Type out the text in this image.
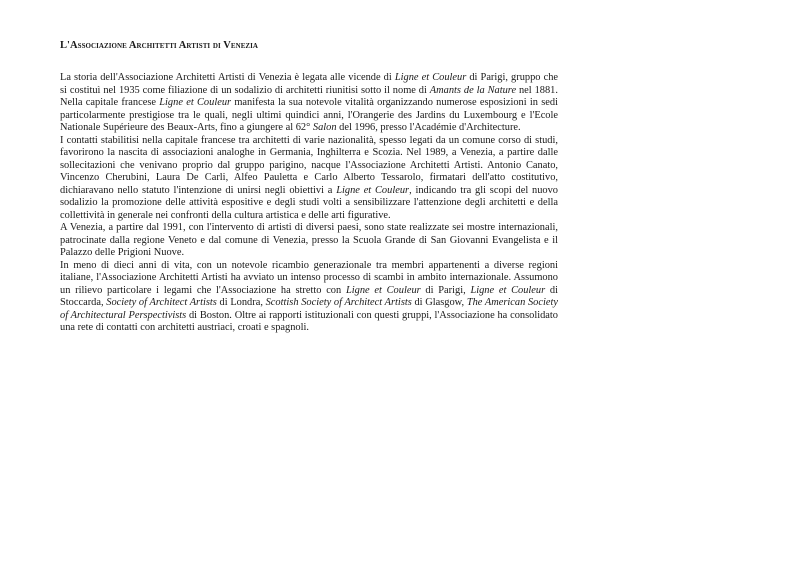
L'Associazione Architetti Artisti di Venezia

La storia dell'Associazione Architetti Artisti di Venezia è legata alle vicende di Ligne et Couleur di Parigi, gruppo che si costituì nel 1935 come filiazione di un sodalizio di architetti riunitisi sotto il nome di Amants de la Nature nel 1881. Nella capitale francese Ligne et Couleur manifesta la sua notevole vitalità organizzando numerose esposizioni in sedi particolarmente prestigiose tra le quali, negli ultimi quindici anni, l'Orangerie des Jardins du Luxembourg e l'Ecole Nationale Supérieure des Beaux-Arts, fino a giungere al 62° Salon del 1996, presso l'Académie d'Architecture.

I contatti stabilitisi nella capitale francese tra architetti di varie nazionalità, spesso legati da un comune corso di studi, favorirono la nascita di associazioni analoghe in Germania, Inghilterra e Scozia. Nel 1989, a Venezia, a partire dalle sollecitazioni che venivano proprio dal gruppo parigino, nacque l'Associazione Architetti Artisti. Antonio Canato, Vincenzo Cherubini, Laura De Carli, Alfeo Pauletta e Carlo Alberto Tessarolo, firmatari dell'atto costitutivo, dichiaravano nello statuto l'intenzione di unirsi negli obiettivi a Ligne et Couleur, indicando tra gli scopi del nuovo sodalizio la promozione delle attività espositive e degli studi volti a sensibilizzare l'attenzione degli architetti e della collettività in generale nei confronti della cultura artistica e delle arti figurative.

A Venezia, a partire dal 1991, con l'intervento di artisti di diversi paesi, sono state realizzate sei mostre internazionali, patrocinate dalla regione Veneto e dal comune di Venezia, presso la Scuola Grande di San Giovanni Evangelista e il Palazzo delle Prigioni Nuove.

In meno di dieci anni di vita, con un notevole ricambio generazionale tra membri appartenenti a diverse regioni italiane, l'Associazione Architetti Artisti ha avviato un intenso processo di scambi in ambito internazionale. Assumono un rilievo particolare i legami che l'Associazione ha stretto con Ligne et Couleur di Parigi, Ligne et Couleur di Stoccarda, Society of Architect Artists di Londra, Scottish Society of Architect Artists di Glasgow, The American Society of Architectural Perspectivists di Boston. Oltre ai rapporti istituzionali con questi gruppi, l'Associazione ha consolidato una rete di contatti con architetti austriaci, croati e spagnoli.
